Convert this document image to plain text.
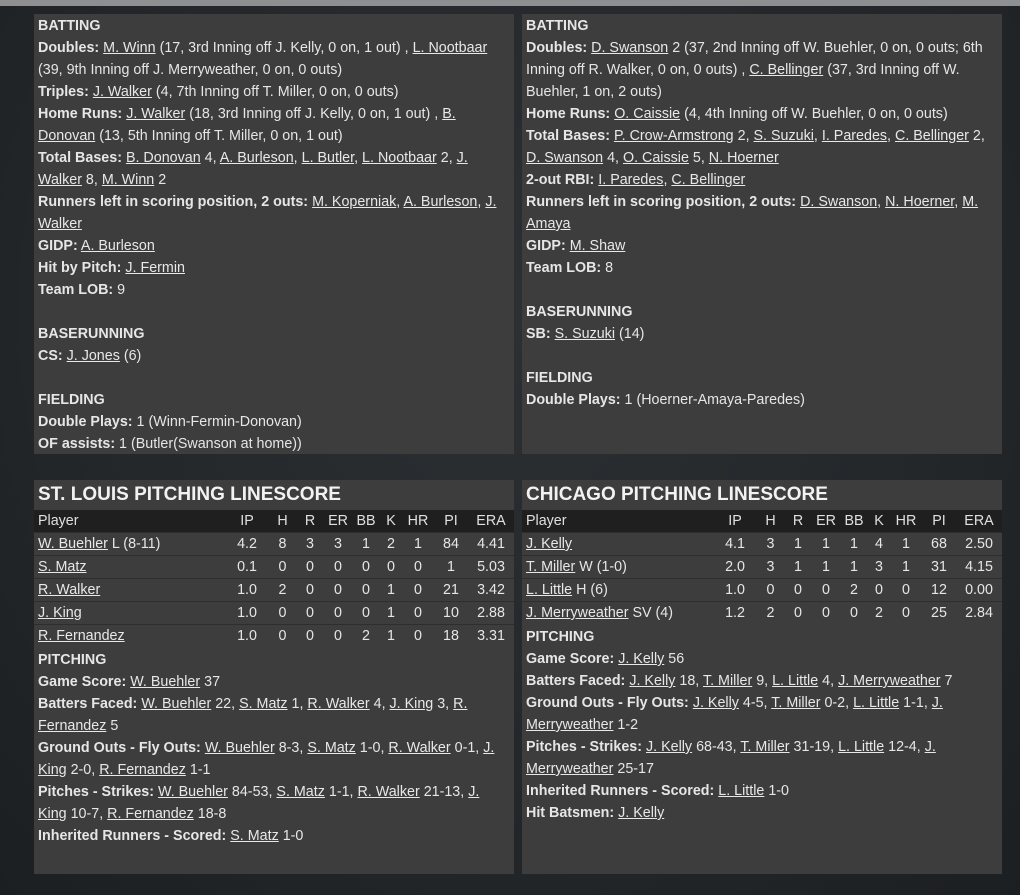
BATTING
Doubles: M. Winn (17, 3rd Inning off J. Kelly, 0 on, 1 out) , L. Nootbaar (39, 9th Inning off J. Merryweather, 0 on, 0 outs)
Triples: J. Walker (4, 7th Inning off T. Miller, 0 on, 0 outs)
Home Runs: J. Walker (18, 3rd Inning off J. Kelly, 0 on, 1 out) , B. Donovan (13, 5th Inning off T. Miller, 0 on, 1 out)
Total Bases: B. Donovan 4, A. Burleson, L. Butler, L. Nootbaar 2, J. Walker 8, M. Winn 2
Runners left in scoring position, 2 outs: M. Koperniak, A. Burleson, J. Walker
GIDP: A. Burleson
Hit by Pitch: J. Fermin
Team LOB: 9
BASERUNNING
CS: J. Jones (6)
FIELDING
Double Plays: 1 (Winn-Fermin-Donovan)
OF assists: 1 (Butler(Swanson at home))
BATTING
Doubles: D. Swanson 2 (37, 2nd Inning off W. Buehler, 0 on, 0 outs; 6th Inning off R. Walker, 0 on, 0 outs) , C. Bellinger (37, 3rd Inning off W. Buehler, 1 on, 2 outs)
Home Runs: O. Caissie (4, 4th Inning off W. Buehler, 0 on, 0 outs)
Total Bases: P. Crow-Armstrong 2, S. Suzuki, I. Paredes, C. Bellinger 2, D. Swanson 4, O. Caissie 5, N. Hoerner
2-out RBI: I. Paredes, C. Bellinger
Runners left in scoring position, 2 outs: D. Swanson, N. Hoerner, M. Amaya
GIDP: M. Shaw
Team LOB: 8
BASERUNNING
SB: S. Suzuki (14)
FIELDING
Double Plays: 1 (Hoerner-Amaya-Paredes)
ST. LOUIS PITCHING LINESCORE
Player	IP	H	R	ER	BB	K	HR	PI	ERA
W. Buehler L (8-11)	4.2	8	3	3	1	2	1	84	4.41
S. Matz	0.1	0	0	0	0	0	0	1	5.03
R. Walker	1.0	2	0	0	0	1	0	21	3.42
J. King	1.0	0	0	0	0	1	0	10	2.88
R. Fernandez	1.0	0	0	0	2	1	0	18	3.31
PITCHING
Game Score: W. Buehler 37
Batters Faced: W. Buehler 22, S. Matz 1, R. Walker 4, J. King 3, R. Fernandez 5
Ground Outs - Fly Outs: W. Buehler 8-3, S. Matz 1-0, R. Walker 0-1, J. King 2-0, R. Fernandez 1-1
Pitches - Strikes: W. Buehler 84-53, S. Matz 1-1, R. Walker 21-13, J. King 10-7, R. Fernandez 18-8
Inherited Runners - Scored: S. Matz 1-0
CHICAGO PITCHING LINESCORE
Player	IP	H	R	ER	BB	K	HR	PI	ERA
J. Kelly	4.1	3	1	1	1	4	1	68	2.50
T. Miller W (1-0)	2.0	3	1	1	1	3	1	31	4.15
L. Little H (6)	1.0	0	0	0	2	0	0	12	0.00
J. Merryweather SV (4)	1.2	2	0	0	0	2	0	25	2.84
PITCHING
Game Score: J. Kelly 56
Batters Faced: J. Kelly 18, T. Miller 9, L. Little 4, J. Merryweather 7
Ground Outs - Fly Outs: J. Kelly 4-5, T. Miller 0-2, L. Little 1-1, J. Merryweather 1-2
Pitches - Strikes: J. Kelly 68-43, T. Miller 31-19, L. Little 12-4, J. Merryweather 25-17
Inherited Runners - Scored: L. Little 1-0
Hit Batsmen: J. Kelly
